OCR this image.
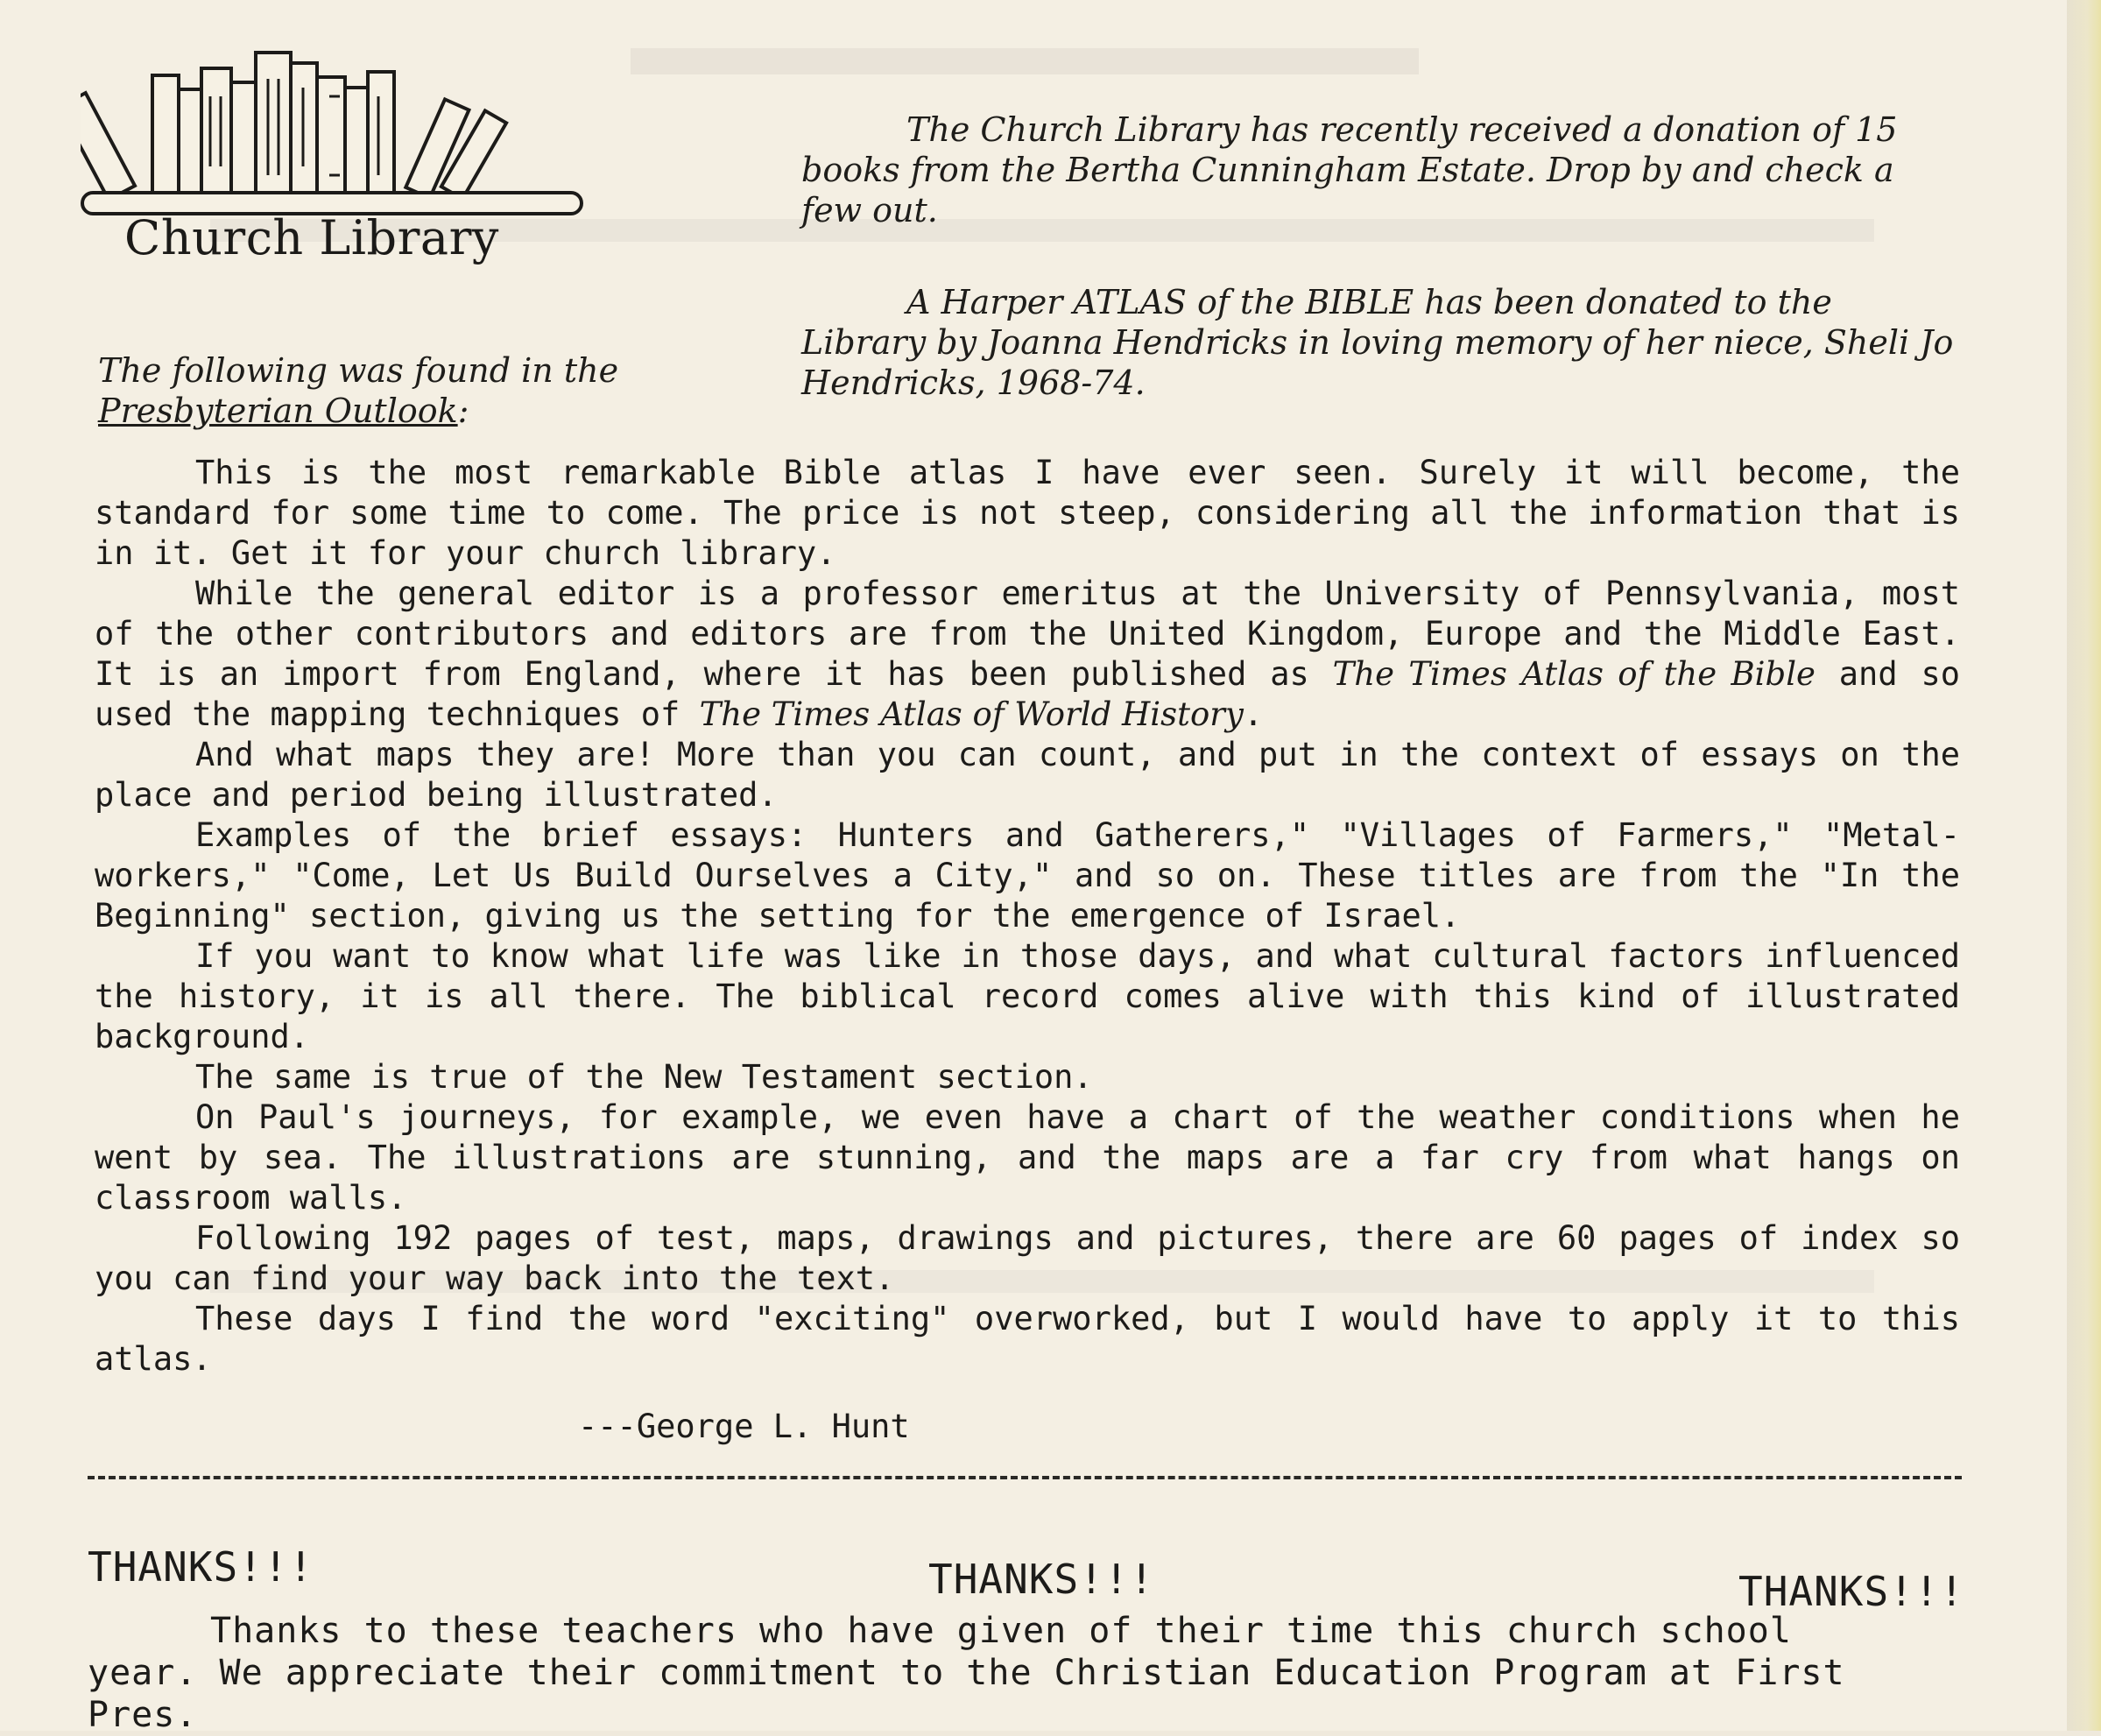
Church Library
The Church Library has recently received a donation of 15 books from the Bertha Cunningham Estate. Drop by and check a few out.
A Harper ATLAS of the BIBLE has been donated to the Library by Joanna Hendricks in loving memory of her niece, Sheli Jo Hendricks, 1968-74.
The following was found in the Presbyterian Outlook:

This is the most remarkable Bible atlas I have ever seen. Surely it will become, the standard for some time to come. The price is not steep, considering all the information that is in it. Get it for your church library.

While the general editor is a professor emeritus at the University of Pennsylvania, most of the other contributors and editors are from the United Kingdom, Europe and the Middle East. It is an import from England, where it has been published as The Times Atlas of the Bible and so used the mapping techniques of The Times Atlas of World History.

And what maps they are! More than you can count, and put in the context of essays on the place and period being illustrated.

Examples of the brief essays: Hunters and Gatherers," "Villages of Farmers," "Metal-workers," "Come, Let Us Build Ourselves a City," and so on. These titles are from the "In the Beginning" section, giving us the setting for the emergence of Israel.

If you want to know what life was like in those days, and what cultural factors influenced the history, it is all there. The biblical record comes alive with this kind of illustrated background.

The same is true of the New Testament section.

On Paul's journeys, for example, we even have a chart of the weather conditions when he went by sea. The illustrations are stunning, and the maps are a far cry from what hangs on classroom walls.

Following 192 pages of test, maps, drawings and pictures, there are 60 pages of index so you can find your way back into the text.

These days I find the word "exciting" overworked, but I would have to apply it to this atlas.

---George L. Hunt
THANKS!!!	THANKS!!!	THANKS!!!

Thanks to these teachers who have given of their time this church school year. We appreciate their commitment to the Christian Education Program at First Pres.
